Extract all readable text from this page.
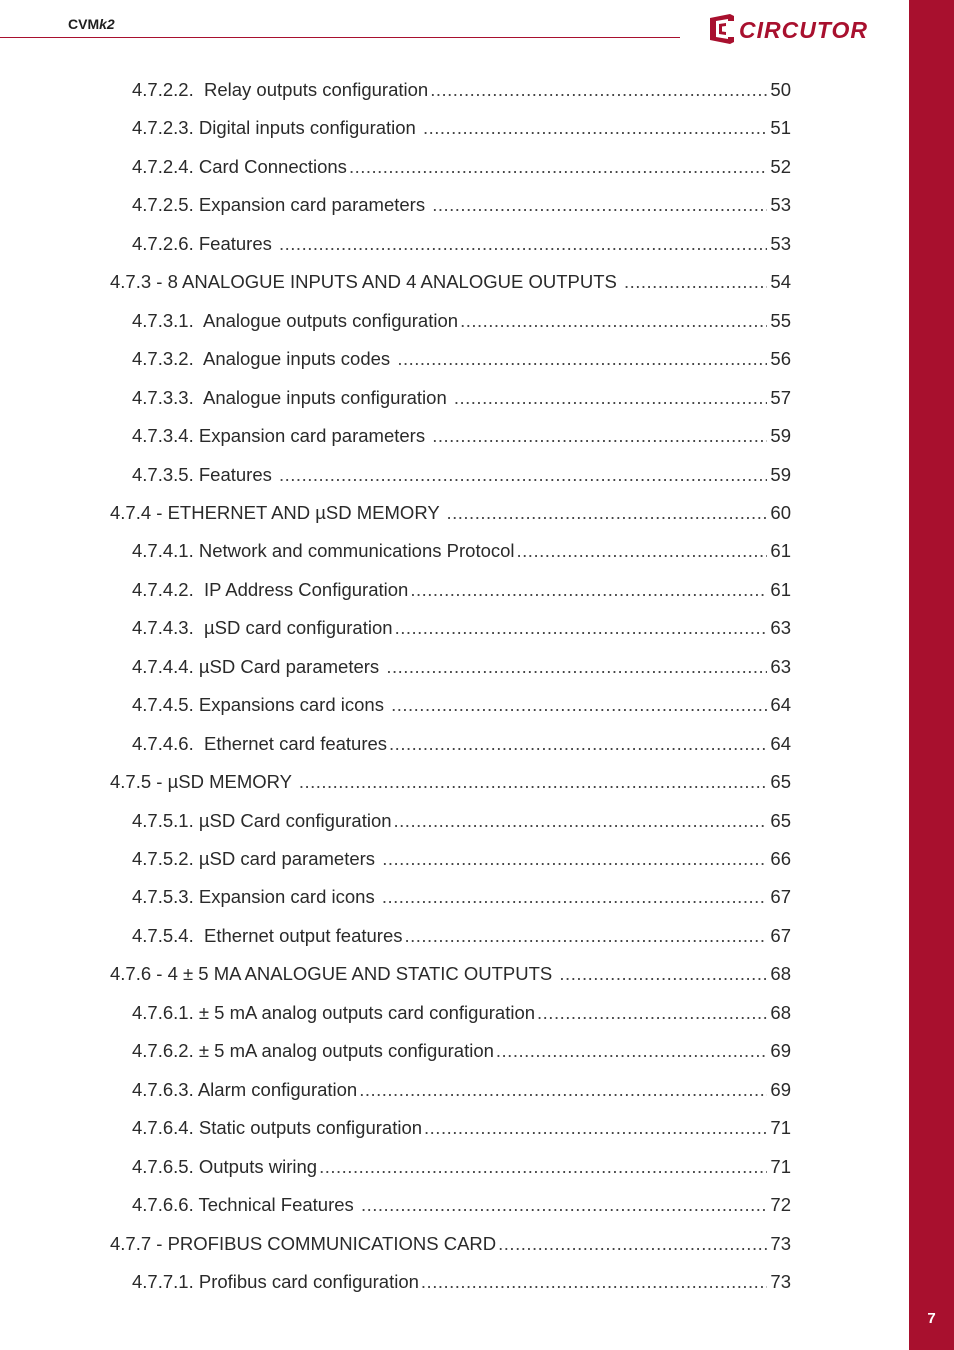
7
CVMk2	CIRCUTOR
4.7.2.2.  Relay outputs configuration .....	50
4.7.2.3. Digital inputs configuration .....	51
4.7.2.4. Card Connections .....	52
4.7.2.5. Expansion card parameters .....	53
4.7.2.6. Features .....	53
4.7.3 - 8 ANALOGUE INPUTS AND 4 ANALOGUE OUTPUTS .....	54
4.7.3.1.  Analogue outputs configuration .....	55
4.7.3.2.  Analogue inputs codes .....	56
4.7.3.3.  Analogue inputs configuration .....	57
4.7.3.4. Expansion card parameters .....	59
4.7.3.5. Features .....	59
4.7.4 - ETHERNET AND µSD MEMORY .....	60
4.7.4.1. Network and communications Protocol .....	61
4.7.4.2.  IP Address Configuration .....	61
4.7.4.3.  µSD card configuration .....	63
4.7.4.4. µSD Card parameters .....	63
4.7.4.5. Expansions card icons .....	64
4.7.4.6.  Ethernet card features .....	64
4.7.5 - µSD MEMORY .....	65
4.7.5.1. µSD Card configuration .....	65
4.7.5.2. µSD card parameters .....	66
4.7.5.3. Expansion card icons .....	67
4.7.5.4.  Ethernet output features .....	67
4.7.6 - 4 ± 5 MA ANALOGUE AND STATIC OUTPUTS .....	68
4.7.6.1. ± 5 mA analog outputs card configuration .....	68
4.7.6.2. ± 5 mA analog outputs configuration .....	69
4.7.6.3. Alarm configuration .....	69
4.7.6.4. Static outputs configuration .....	71
4.7.6.5. Outputs wiring .....	71
4.7.6.6. Technical Features .....	72
4.7.7 - PROFIBUS COMMUNICATIONS CARD .....	73
4.7.7.1. Profibus card configuration .....	73
